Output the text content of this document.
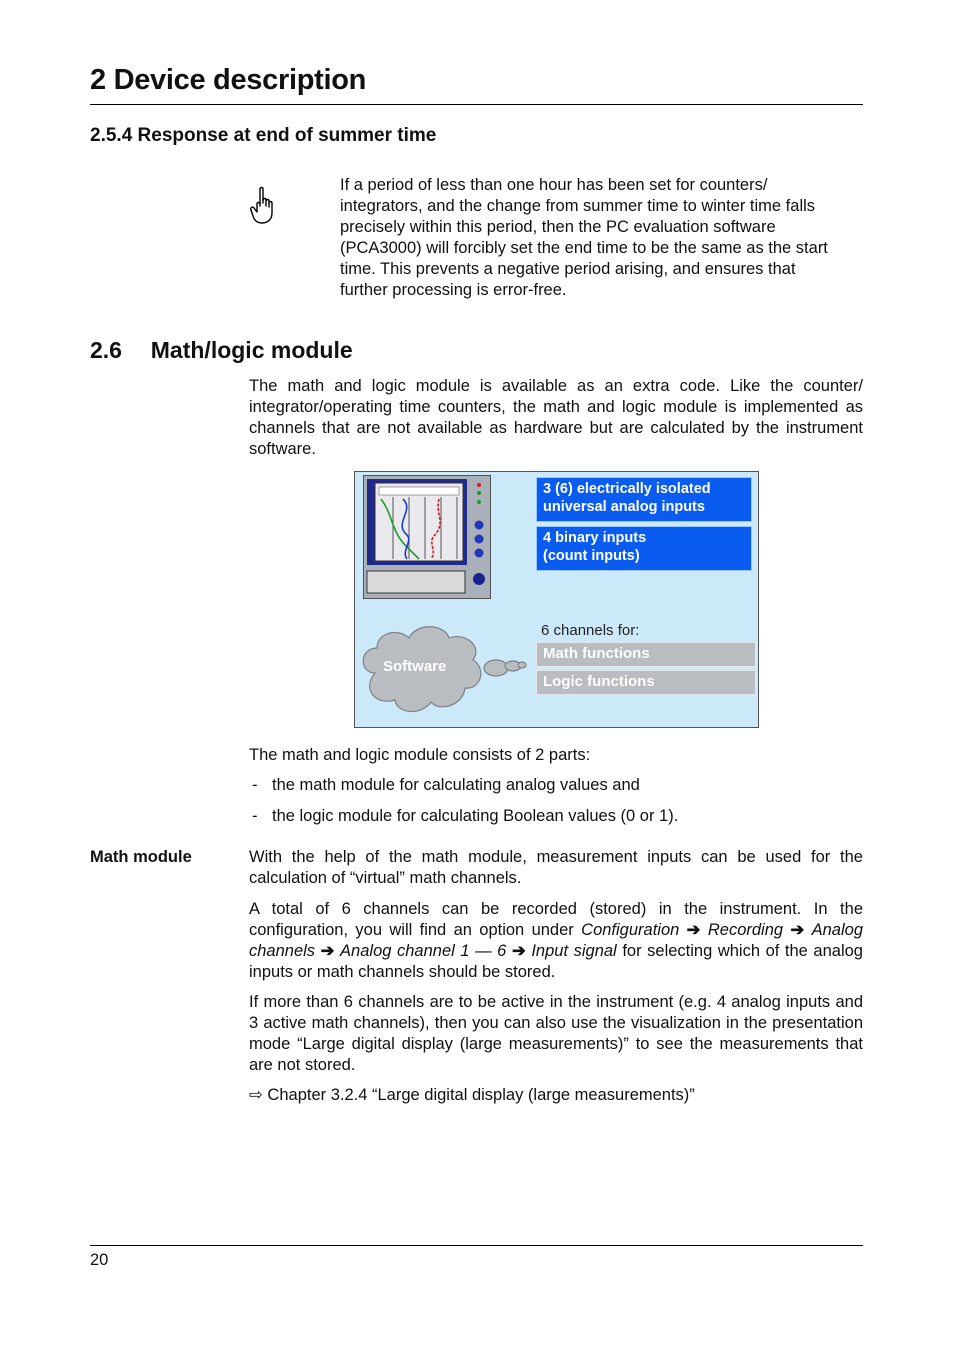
2 Device description
2.5.4 Response at end of summer time
If a period of less than one hour has been set for counters/
integrators, and the change from summer time to winter time falls
precisely within this period, then the PC evaluation software
(PCA3000) will forcibly set the end time to be the same as the start
time. This prevents a negative period arising, and ensures that
further processing is error-free.
2.6 Math/logic module
The math and logic module is available as an extra code. Like the counter/ integrator/operating time counters, the math and logic module is implemented as channels that are not available as hardware but are calculated by the instrument software.
3 (6) electrically isolated
universal analog inputs
4 binary inputs
(count inputs)
Software
6 channels for:
Math functions
Logic functions
The math and logic module consists of 2 parts:
- the math module for calculating analog values and
- the logic module for calculating Boolean values (0 or 1).
Math module	With the help of the math module, measurement inputs can be used for the calculation of “virtual” math channels.
A total of 6 channels can be recorded (stored) in the instrument. In the configuration, you will find an option under Configuration ➔ Recording ➔ Analog channels ➔ Analog channel 1 — 6 ➔ Input signal for selecting which of the analog inputs or math channels should be stored.
If more than 6 channels are to be active in the instrument (e.g. 4 analog inputs and 3 active math channels), then you can also use the visualization in the presentation mode “Large digital display (large measurements)” to see the measurements that are not stored.
⇨ Chapter 3.2.4 “Large digital display (large measurements)”
20
